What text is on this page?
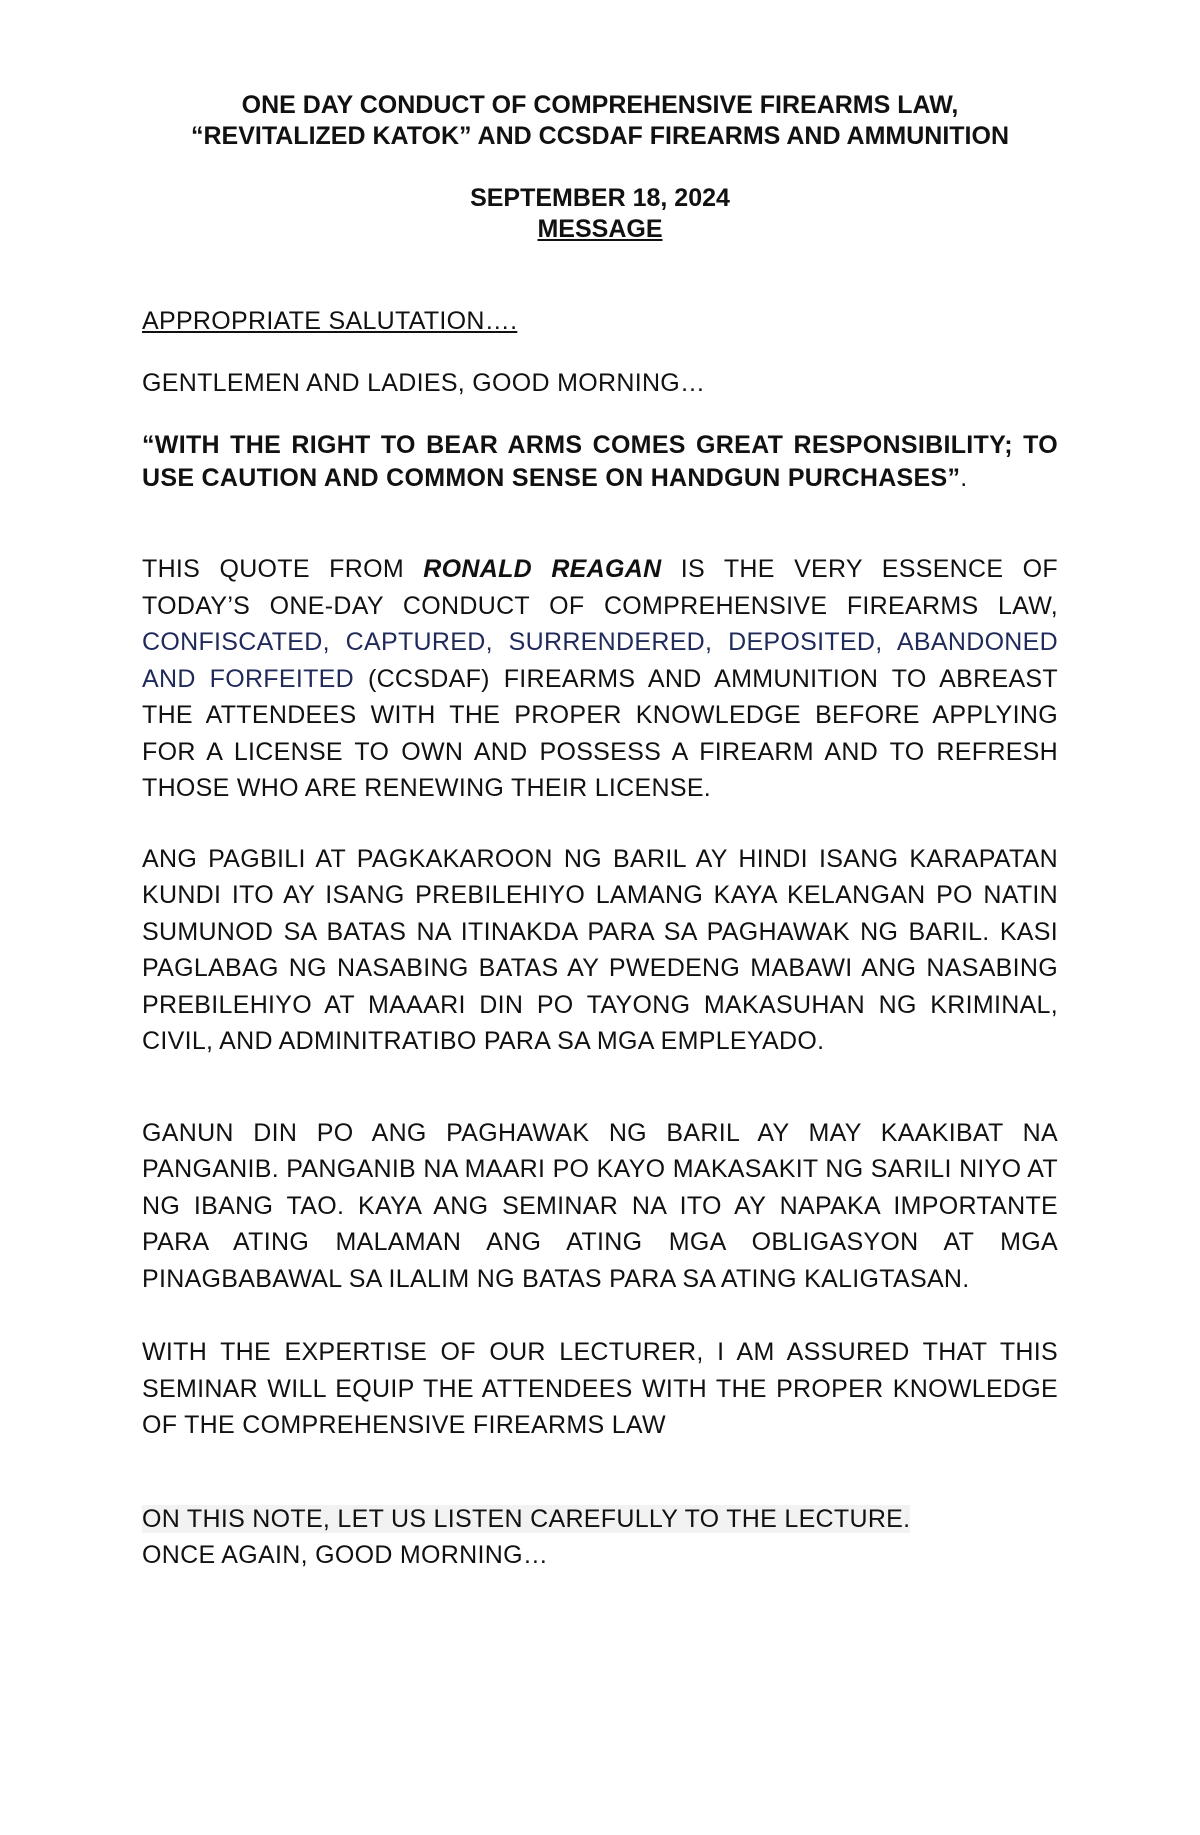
ONE DAY CONDUCT OF COMPREHENSIVE FIREARMS LAW,
“REVITALIZED KATOK” AND CCSDAF FIREARMS AND AMMUNITION

SEPTEMBER 18, 2024

MESSAGE

APPROPRIATE SALUTATION….

GENTLEMEN AND LADIES, GOOD MORNING…

“WITH THE RIGHT TO BEAR ARMS COMES GREAT RESPONSIBILITY; TO USE CAUTION AND COMMON SENSE ON HANDGUN PURCHASES”.

THIS QUOTE FROM RONALD REAGAN IS THE VERY ESSENCE OF TODAY’S ONE-DAY CONDUCT OF COMPREHENSIVE FIREARMS LAW, CONFISCATED, CAPTURED, SURRENDERED, DEPOSITED, ABANDONED AND FORFEITED (CCSDAF) FIREARMS AND AMMUNITION TO ABREAST THE ATTENDEES WITH THE PROPER KNOWLEDGE BEFORE APPLYING FOR A LICENSE TO OWN AND POSSESS A FIREARM AND TO REFRESH THOSE WHO ARE RENEWING THEIR LICENSE.

ANG PAGBILI AT PAGKAKAROON NG BARIL AY HINDI ISANG KARAPATAN KUNDI ITO AY ISANG PREBILEHIYO LAMANG KAYA KELANGAN PO NATIN SUMUNOD SA BATAS NA ITINAKDA PARA SA PAGHAWAK NG BARIL. KASI PAGLABAG NG NASABING BATAS AY PWEDENG MABAWI ANG NASABING PREBILEHIYO AT MAAARI DIN PO TAYONG MAKASUHAN NG KRIMINAL, CIVIL, AND ADMINITRATIBO PARA SA MGA EMPLEYADO.

GANUN DIN PO ANG PAGHAWAK NG BARIL AY MAY KAAKIBAT NA PANGANIB. PANGANIB NA MAARI PO KAYO MAKASAKIT NG SARILI NIYO AT NG IBANG TAO. KAYA ANG SEMINAR NA ITO AY NAPAKA IMPORTANTE PARA ATING MALAMAN ANG ATING MGA OBLIGASYON AT MGA PINAGBABAWAL SA ILALIM NG BATAS PARA SA ATING KALIGTASAN.

WITH THE EXPERTISE OF OUR LECTURER, I AM ASSURED THAT THIS SEMINAR WILL EQUIP THE ATTENDEES WITH THE PROPER KNOWLEDGE OF THE COMPREHENSIVE FIREARMS LAW

ON THIS NOTE, LET US LISTEN CAREFULLY TO THE LECTURE.
ONCE AGAIN, GOOD MORNING…
